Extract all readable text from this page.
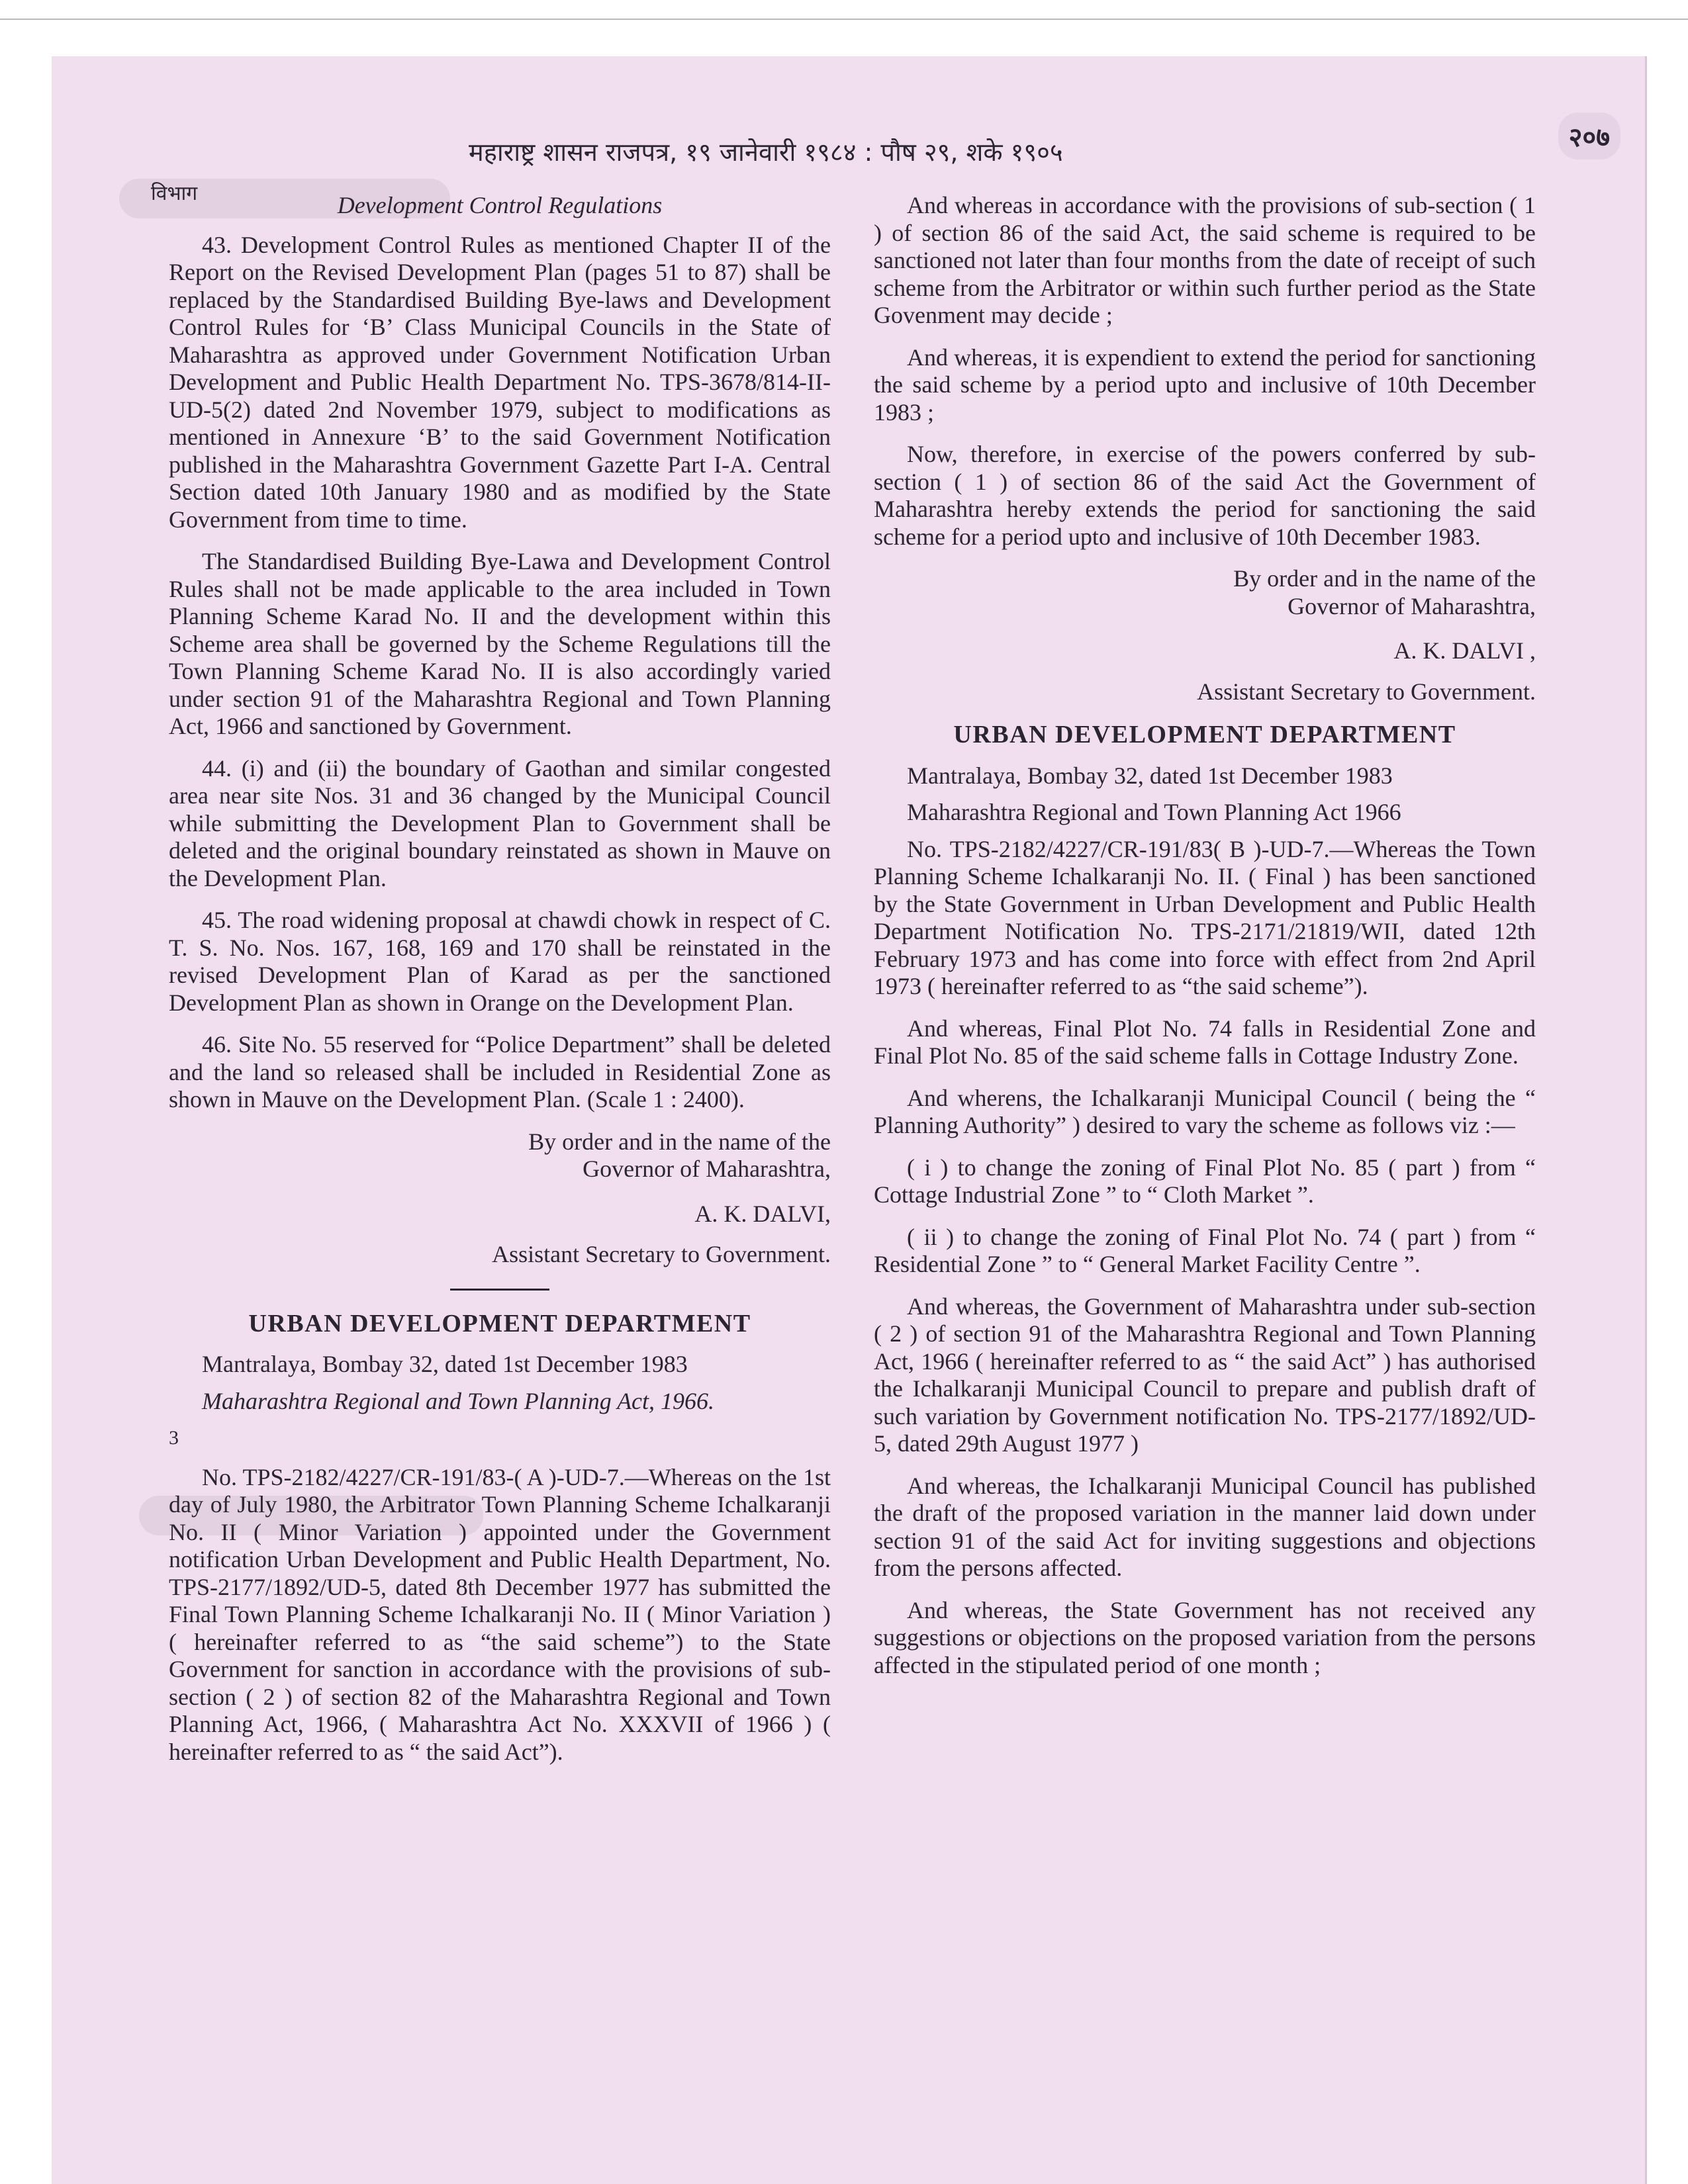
विभाग
महाराष्ट्र शासन राजपत्र, १९ जानेवारी १९८४ : पौष २९, शके १९०५	२०७
Development Control Regulations

43. Development Control Rules as mentioned Chapter II of the Report on the Revised Development Plan (pages 51 to 87) shall be replaced by the Standardised Building Bye-laws and Development Control Rules for ‘B’ Class Municipal Councils in the State of Maharashtra as approved under Government Notification Urban Development and Public Health Department No. TPS-3678/814-II-UD-5(2) dated 2nd November 1979, subject to modifications as mentioned in Annexure ‘B’ to the said Government Notification published in the Maharashtra Government Gazette Part I-A. Central Section dated 10th January 1980 and as modified by the State Government from time to time.

The Standardised Building Bye-Lawa and Development Control Rules shall not be made applicable to the area included in Town Planning Scheme Karad No. II and the development within this Scheme area shall be governed by the Scheme Regulations till the Town Planning Scheme Karad No. II is also accordingly varied under section 91 of the Maharashtra Regional and Town Planning Act, 1966 and sanctioned by Government.

44. (i) and (ii) the boundary of Gaothan and similar congested area near site Nos. 31 and 36 changed by the Municipal Council while submitting the Development Plan to Government shall be deleted and the original boundary reinstated as shown in Mauve on the Development Plan.

45. The road widening proposal at chawdi chowk in respect of C. T. S. No. Nos. 167, 168, 169 and 170 shall be reinstated in the revised Development Plan of Karad as per the sanctioned Development Plan as shown in Orange on the Development Plan.

46. Site No. 55 reserved for “Police Department” shall be deleted and the land so released shall be included in Residential Zone as shown in Mauve on the Development Plan. (Scale 1 : 2400).

By order and in the name of the
Governor of Maharashtra,
A. K. DALVI,
Assistant Secretary to Government.
URBAN DEVELOPMENT DEPARTMENT
Mantralaya, Bombay 32, dated 1st December 1983
Maharashtra Regional and Town Planning Act, 1966.
3

No. TPS-2182/4227/CR-191/83-( A )-UD-7.—Whereas on the 1st day of July 1980, the Arbitrator Town Planning Scheme Ichalkaranji No. II ( Minor Variation ) appointed under the Government notification Urban Development and Public Health Department, No. TPS-2177/1892/UD-5, dated 8th December 1977 has submitted the Final Town Planning Scheme Ichalkaranji No. II ( Minor Variation ) ( hereinafter referred to as “the said scheme”) to the State Government for sanction in accordance with the provisions of sub-section ( 2 ) of section 82 of the Maharashtra Regional and Town Planning Act, 1966, ( Maharashtra Act No. XXXVII of 1966 ) ( hereinafter referred to as “ the said Act”).

And whereas in accordance with the provisions of sub-section ( 1 ) of section 86 of the said Act, the said scheme is required to be sanctioned not later than four months from the date of receipt of such scheme from the Arbitrator or within such further period as the State Govenment may decide ;

And whereas, it is expendient to extend the period for sanctioning the said scheme by a period upto and inclusive of 10th December 1983 ;

Now, therefore, in exercise of the powers conferred by sub-section ( 1 ) of section 86 of the said Act the Government of Maharashtra hereby extends the period for sanctioning the said scheme for a period upto and inclusive of 10th December 1983.

By order and in the name of the
Governor of Maharashtra,
A. K. DALVI ,
Assistant Secretary to Government.
URBAN DEVELOPMENT DEPARTMENT
Mantralaya, Bombay 32, dated 1st December 1983
Maharashtra Regional and Town Planning Act 1966

No. TPS-2182/4227/CR-191/83( B )-UD-7.—Whereas the Town Planning Scheme Ichalkaranji No. II. ( Final ) has been sanctioned by the State Government in Urban Development and Public Health Department Notification No. TPS-2171/21819/WII, dated 12th February 1973 and has come into force with effect from 2nd April 1973 ( hereinafter referred to as “the said scheme”).

And whereas, Final Plot No. 74 falls in Residential Zone and Final Plot No. 85 of the said scheme falls in Cottage Industry Zone.

And wherens, the Ichalkaranji Municipal Council ( being the “ Planning Authority” ) desired to vary the scheme as follows viz :—

( i ) to change the zoning of Final Plot No. 85 ( part ) from “ Cottage Industrial Zone ” to “ Cloth Market ”.

( ii ) to change the zoning of Final Plot No. 74 ( part ) from “ Residential Zone ” to “ General Market Facility Centre ”.

And whereas, the Government of Maharashtra under sub-section ( 2 ) of section 91 of the Maharashtra Regional and Town Planning Act, 1966 ( hereinafter referred to as “ the said Act” ) has authorised the Ichalkaranji Municipal Council to prepare and publish draft of such variation by Government notification No. TPS-2177/1892/UD-5, dated 29th August 1977 )

And whereas, the Ichalkaranji Municipal Council has published the draft of the proposed variation in the manner laid down under section 91 of the said Act for inviting suggestions and objections from the persons affected.

And whereas, the State Government has not received any suggestions or objections on the proposed variation from the persons affected in the stipulated period of one month ;
